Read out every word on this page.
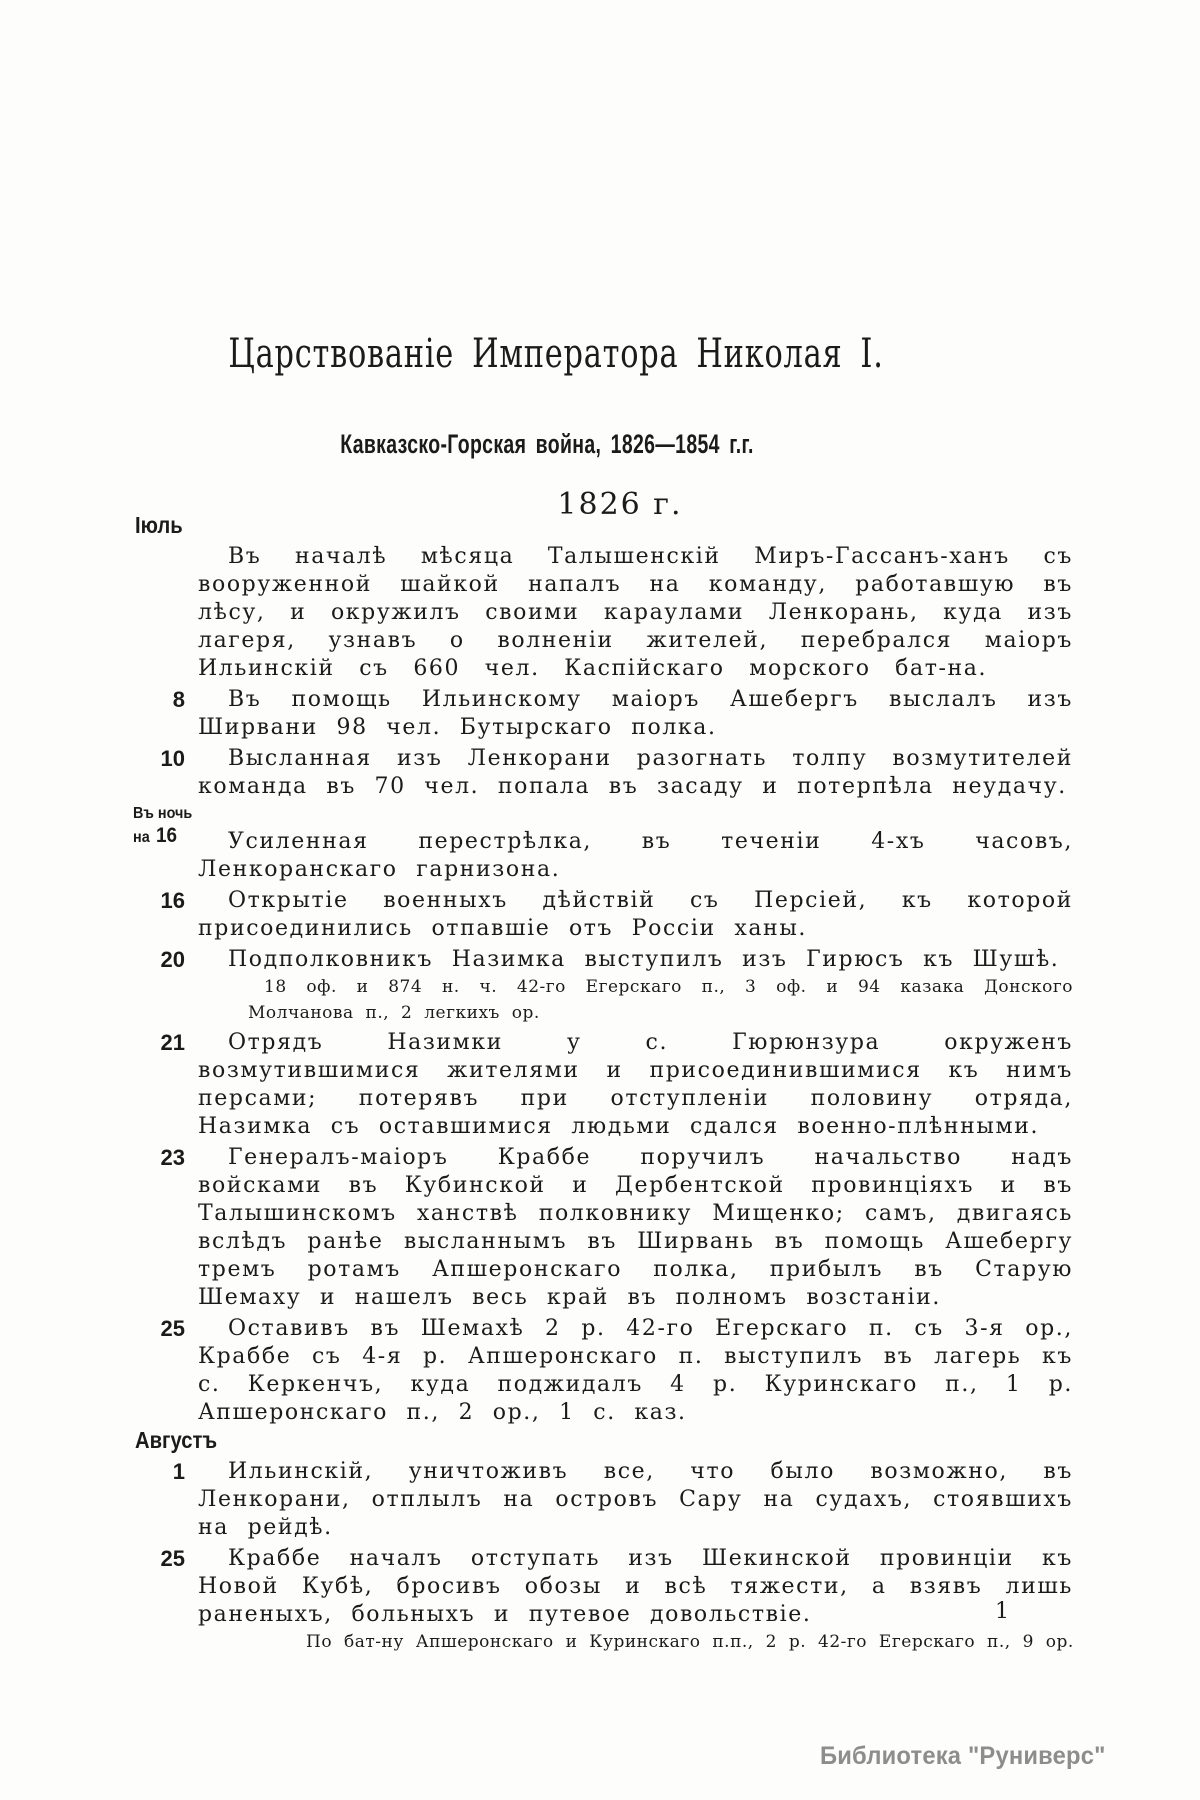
Царствованіе Императора Николая I.
Кавказско-Горская война, 1826—1854 г.г.
1826 г.
Іюль
Въ началѣ мѣсяца Талышенскій Миръ-Гассанъ-ханъ съ вооруженной шайкой напалъ на команду, работавшую въ лѣсу, и окружилъ своими караулами Ленкорань, куда изъ лагеря, узнавъ о волненіи жителей, перебрался маіоръ Ильинскій съ 660 чел. Каспійскаго морского бат-на.
8 Въ помощь Ильинскому маіоръ Ашебергъ выслалъ изъ Ширвани 98 чел. Бутырскаго полка.
10 Высланная изъ Ленкорани разогнать толпу возмутителей команда въ 70 чел. попала въ засаду и потерпѣла неудачу.
Въ ночь
на 16	Усиленная перестрѣлка, въ теченіи 4-хъ часовъ, Ленкоранскаго гарнизона.
16 Открытіе военныхъ дѣйствій съ Персіей, къ которой присоединились отпавшіе отъ Россіи ханы.
20 Подполковникъ Назимка выступилъ изъ Гирюсъ къ Шушѣ.
18 оф. и 874 н. ч. 42-го Егерскаго п., 3 оф. и 94 казака Донского Молчанова п., 2 легкихъ ор.
21 Отрядъ Назимки у с. Гюрюнзура окруженъ возмутившимися жителями и присоединившимися къ нимъ персами; потерявъ при отступленіи половину отряда, Назимка съ оставшимися людьми сдался военно-плѣнными.
23 Генералъ-маіоръ Краббе поручилъ начальство надъ войсками въ Кубинской и Дербентской провинціяхъ и въ Талышинскомъ ханствѣ полковнику Мищенко; самъ, двигаясь вслѣдъ ранѣе высланнымъ въ Ширвань въ помощь Ашебергу тремъ ротамъ Апшеронскаго полка, прибылъ въ Старую Шемаху и нашелъ весь край въ полномъ возстаніи.
25 Оставивъ въ Шемахѣ 2 р. 42-го Егерскаго п. съ 3-я ор., Краббе съ 4-я р. Апшеронскаго п. выступилъ въ лагерь къ с. Керкенчъ, куда поджидалъ 4 р. Куринскаго п., 1 р. Апшеронскаго п., 2 ор., 1 с. каз.
Августъ
1 Ильинскій, уничтоживъ все, что было возможно, въ Ленкорани, отплылъ на островъ Сару на судахъ, стоявшихъ на рейдѣ.
25 Краббе началъ отступать изъ Шекинской провинціи къ Новой Кубѣ, бросивъ обозы и всѣ тяжести, а взявъ лишь раненыхъ, больныхъ и путевое довольствіе.
По бат-ну Апшеронскаго и Куринскаго п.п., 2 р. 42-го Егерскаго п., 9 ор.
1
Библиотека "Руниверс"
